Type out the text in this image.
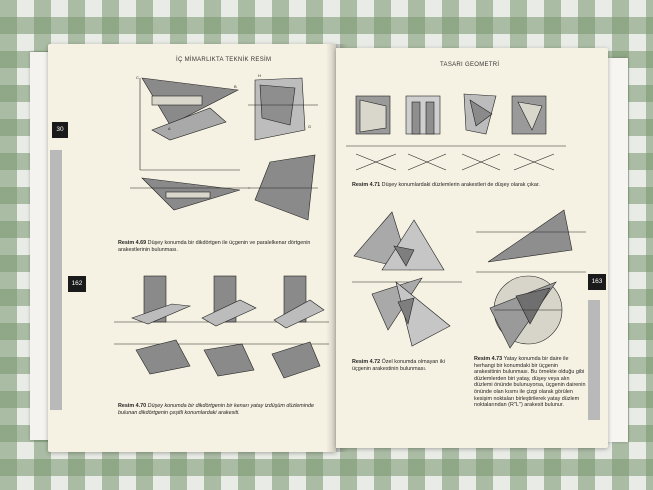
30
162
İÇ MİMARLIKTA TEKNİK RESİM
C
B
A
H
G
Resim 4.69 Düşey konumda bir dikdörtgen ile üçgenin ve paralelkenar dörtgenin arakestlerinin bulunması.
Resim 4.70 Düşey konumda bir dikdörtgenin bir kenarı yatay izdüşüm düzleminde bulunan dikdörtgenin çeşitli konumlardaki arakesiti.
TASARI GEOMETRİ
163
Resim 4.71 Düşey konumlardaki düzlemlerin arakestleri de düşey olarak çıkar.
Resim 4.72 Özel konumda olmayan iki üçgenin arakestinin bulunması.
Resim 4.73 Yatay konumda bir daire ile herhangi bir konumdaki bir üçgenin arakesitinin bulunması. Bu örnekte olduğu gibi düzlemlerden biri yatay, düşey veya alın düzlemi önünde bulunuyorsa, üçgenin dairenin önünde olan kısmı ile çizgi olarak görülen kesişim noktaları birleştirilerek yatay düzlem noktalarından (R''L'') arakesit bulunur.
